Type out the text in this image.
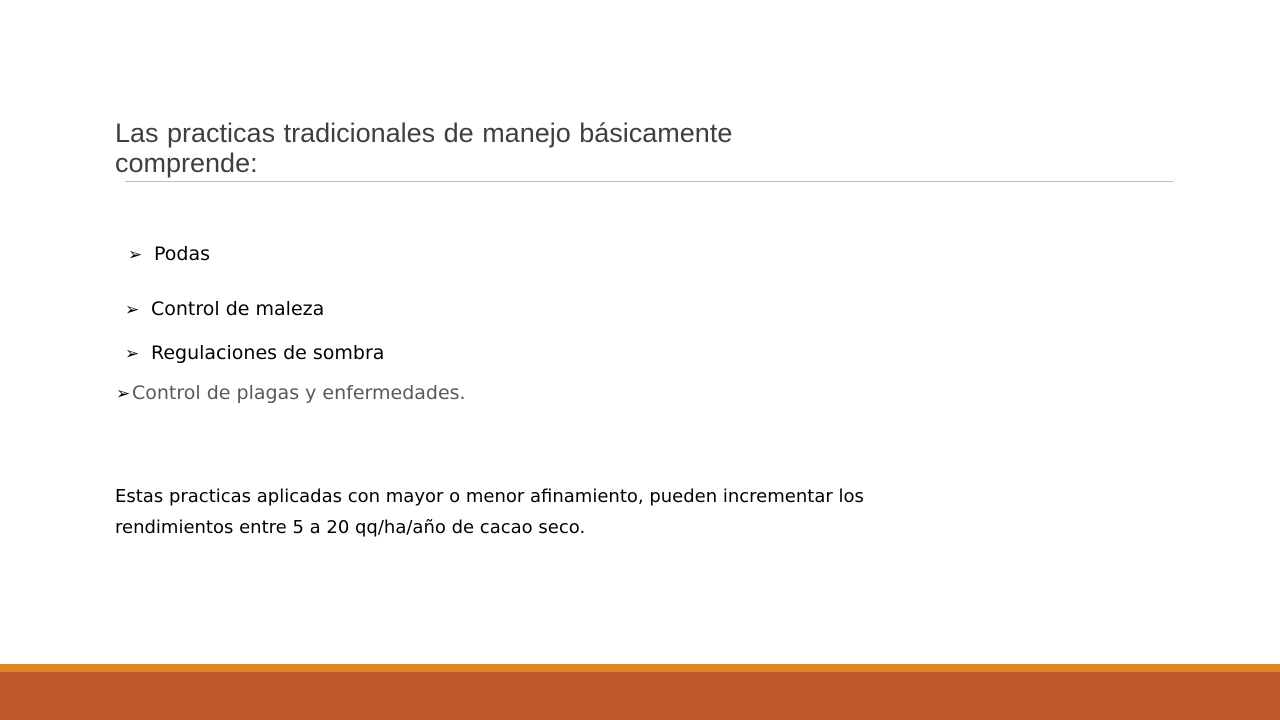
Las practicas tradicionales de manejo básicamente comprende:
➢ Podas
➢ Control de maleza
➢ Regulaciones de sombra
➢Control de plagas y enfermedades.
Estas practicas aplicadas con mayor o menor afinamiento, pueden incrementar los rendimientos entre 5 a 20 qq/ha/año de cacao seco.
